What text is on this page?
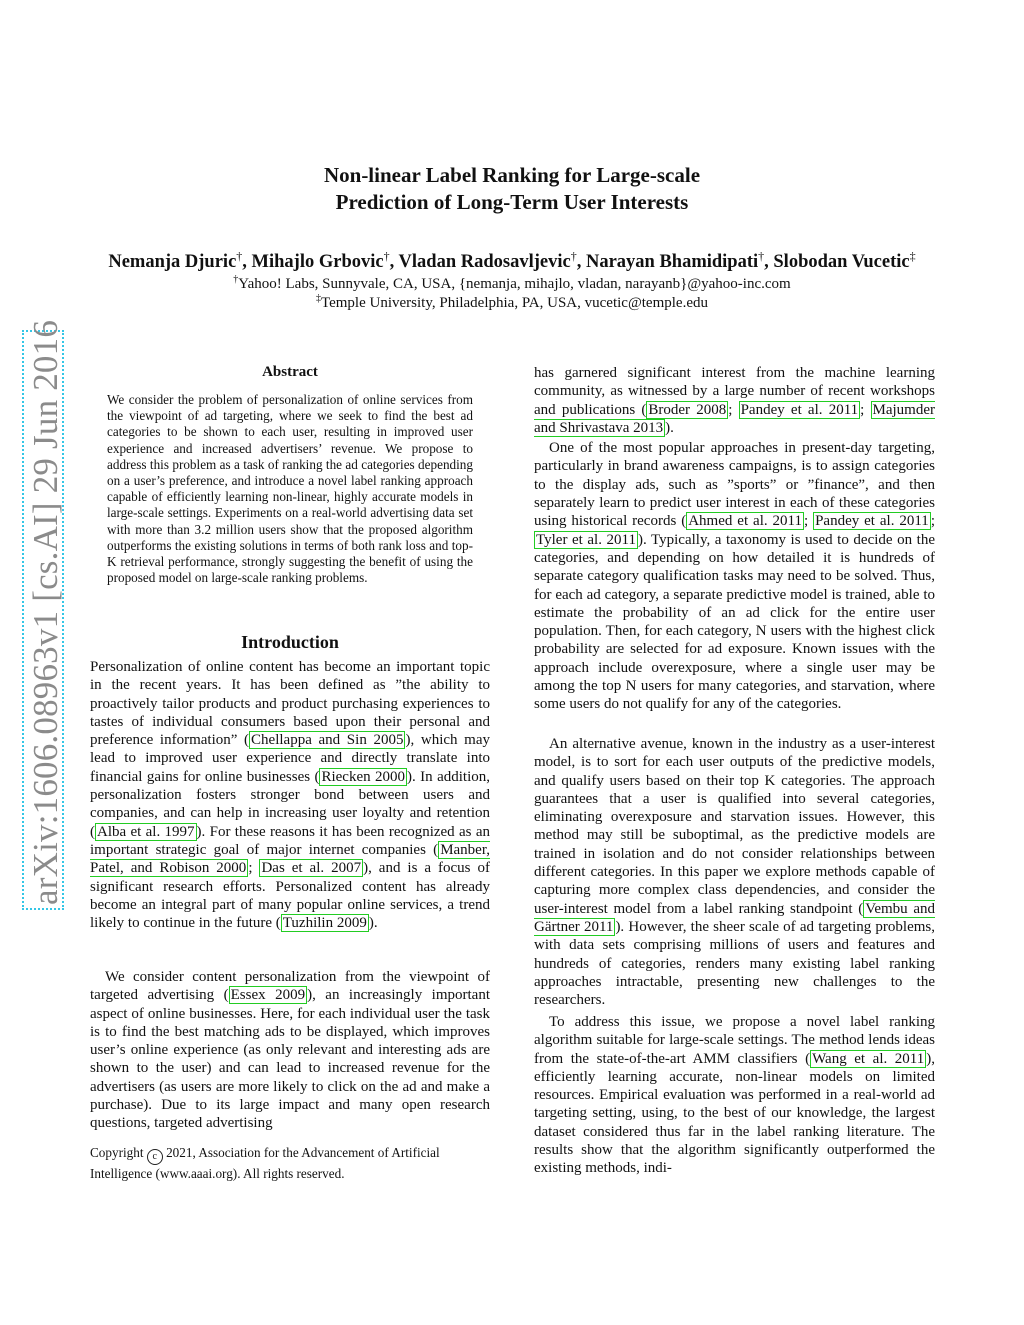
arXiv:1606.08963v1 [cs.AI] 29 Jun 2016
Non-linear Label Ranking for Large-scale
Prediction of Long-Term User Interests
Nemanja Djuric†, Mihajlo Grbovic†, Vladan Radosavljevic†, Narayan Bhamidipati†, Slobodan Vucetic‡
†Yahoo! Labs, Sunnyvale, CA, USA, {nemanja, mihajlo, vladan, narayanb}@yahoo-inc.com
‡Temple University, Philadelphia, PA, USA, vucetic@temple.edu
Abstract
We consider the problem of personalization of online services from the viewpoint of ad targeting, where we seek to find the best ad categories to be shown to each user, resulting in improved user experience and increased advertisers’ revenue. We propose to address this problem as a task of ranking the ad categories depending on a user’s preference, and introduce a novel label ranking approach capable of efficiently learning non-linear, highly accurate models in large-scale settings. Experiments on a real-world advertising data set with more than 3.2 million users show that the proposed algorithm outperforms the existing solutions in terms of both rank loss and top-K retrieval performance, strongly suggesting the benefit of using the proposed model on large-scale ranking problems.
Introduction

Personalization of online content has become an important topic in the recent years. It has been defined as ”the ability to proactively tailor products and product purchasing experiences to tastes of individual consumers based upon their personal and preference information” ( Chellappa and Sin 2005 ), which may lead to improved user experience and directly translate into financial gains for online businesses ( Riecken 2000 ). In addition, personalization fosters stronger bond between users and companies, and can help in increasing user loyalty and retention ( Alba et al. 1997 ). For these reasons it has been recognized as an important strategic goal of major internet companies ( Manber, Patel, and Robison 2000 ; Das et al. 2007 ), and is a focus of significant research efforts. Personalized content has already become an integral part of many popular online services, a trend likely to continue in the future ( Tuzhilin 2009 ).

We consider content personalization from the viewpoint of targeted advertising ( Essex 2009 ), an increasingly important aspect of online businesses. Here, for each individual user the task is to find the best matching ads to be displayed, which improves user’s online experience (as only relevant and interesting ads are shown to the user) and can lead to increased revenue for the advertisers (as users are more likely to click on the ad and make a purchase). Due to its large impact and many open research questions, targeted advertising

has garnered significant interest from the machine learning community, as witnessed by a large number of recent workshops and publications ( Broder 2008 ; Pandey et al. 2011 ; Majumder and Shrivastava 2013 ).

One of the most popular approaches in present-day targeting, particularly in brand awareness campaigns, is to assign categories to the display ads, such as ”sports” or ”finance”, and then separately learn to predict user interest in each of these categories using historical records ( Ahmed et al. 2011 ; Pandey et al. 2011 ; Tyler et al. 2011 ). Typically, a taxonomy is used to decide on the categories, and depending on how detailed it is hundreds of separate category qualification tasks may need to be solved. Thus, for each ad category, a separate predictive model is trained, able to estimate the probability of an ad click for the entire user population. Then, for each category, N users with the highest click probability are selected for ad exposure. Known issues with the approach include overexposure, where a single user may be among the top N users for many categories, and starvation, where some users do not qualify for any of the categories.

An alternative avenue, known in the industry as a user-interest model, is to sort for each user outputs of the predictive models, and qualify users based on their top K categories. The approach guarantees that a user is qualified into several categories, eliminating overexposure and starvation issues. However, this method may still be suboptimal, as the predictive models are trained in isolation and do not consider relationships between different categories. In this paper we explore methods capable of capturing more complex class dependencies, and consider the user-interest model from a label ranking standpoint ( Vembu and Gärtner 2011 ). However, the sheer scale of ad targeting problems, with data sets comprising millions of users and features and hundreds of categories, renders many existing label ranking approaches intractable, presenting new challenges to the researchers.

To address this issue, we propose a novel label ranking algorithm suitable for large-scale settings. The method lends ideas from the state-of-the-art AMM classifiers ( Wang et al. 2011 ), efficiently learning accurate, non-linear models on limited resources. Empirical evaluation was performed in a real-world ad targeting setting, using, to the best of our knowledge, the largest dataset considered thus far in the label ranking literature. The results show that the algorithm significantly outperformed the existing methods, indi-

Copyright c 2021, Association for the Advancement of Artificial Intelligence (www.aaai.org). All rights reserved.
